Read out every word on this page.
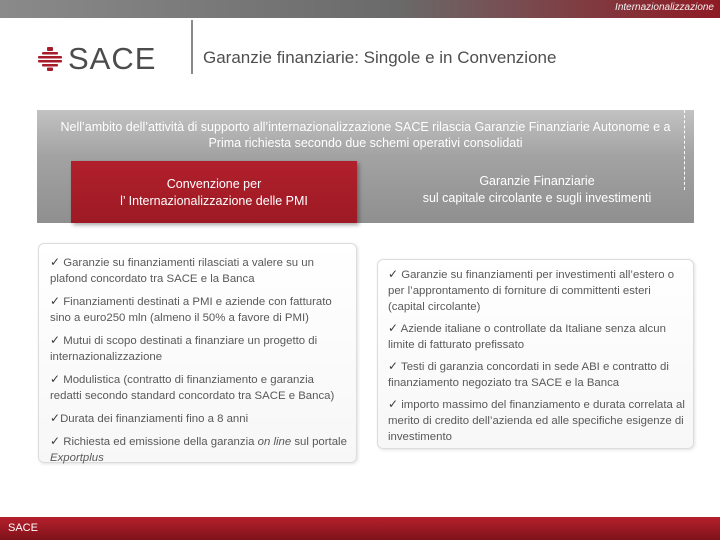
Internazionalizzazione
SACE	Garanzie finanziarie: Singole e in Convenzione
Nell’ambito dell’attività di supporto all’internazionalizzazione SACE rilascia Garanzie Finanziarie Autonome e a Prima richiesta secondo due schemi operativi consolidati
Convenzione per
l’ Internazionalizzazione delle PMI
Garanzie Finanziarie
sul capitale circolante e sugli investimenti
✓ Garanzie su finanziamenti rilasciati a valere su un plafond concordato tra SACE e la Banca
✓ Finanziamenti destinati a PMI e aziende con fatturato sino a euro250 mln (almeno il 50% a favore di PMI)
✓ Mutui di scopo destinati a finanziare un progetto di internazionalizzazione
✓ Modulistica (contratto di finanziamento e garanzia redatti secondo standard concordato tra SACE e Banca)
✓Durata dei finanziamenti fino a 8 anni
✓ Richiesta ed emissione della garanzia on line sul portale Exportplus
✓ Garanzie su finanziamenti per investimenti all’estero o per l’approntamento di forniture di committenti esteri (capital circolante)
✓ Aziende italiane o controllate da Italiane senza alcun limite di fatturato prefissato
✓ Testi di garanzia concordati in sede ABI e contratto di finanziamento negoziato tra SACE e la Banca
✓ importo massimo del finanziamento e durata correlata al merito di credito dell’azienda ed alle specifiche esigenze di investimento
SACE
